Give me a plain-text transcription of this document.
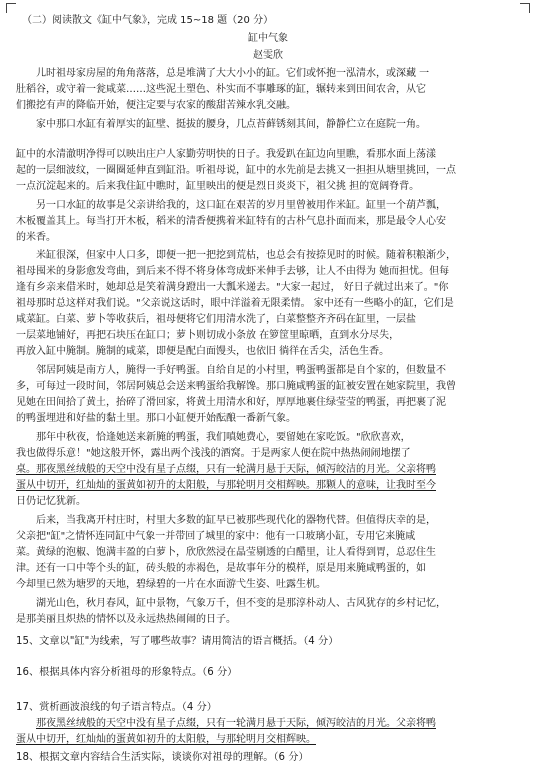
（二）阅读散文《缸中气象》，完成 15~18 题（20 分）
缸中气象
赵雯欣
儿时祖母家房屋的角角落落，总是堆满了大大小小的缸。它们或怀抱一泓清水，或深藏 一
肚稻谷，或守着一瓮咸菜……这些泥土塑色、朴实而不事雕琢的缸，辗转来到田间农舍，从它
们搬挖有声的降临开始，便注定要与农家的酸甜苦辣水乳交融。
家中那口水缸有着厚实的缸壁、挺拔的腰身，几点苔藓锈刻其间，静静伫立在庭院一角。
缸中的水清澈明净得可以映出庄户人家勤劳明快的日子。我爱趴在缸边向里瞧，看那水面上荡漾
起的一层细波纹，一圈圈延伸直到缸沿。听祖母说，缸中的水先前是去挑又一担担从塘里挑回，一点
一点沉淀起来的。后来我住缸中瞧时，缸里映出的便是烈日炎炎下，祖父挑 担的宽阔脊背。
另一口水缸的故事是父亲讲给我的，这口缸在艰苦的岁月里曾被用作米缸。缸里一个葫芦瓢，
木板覆盖其上。每当打开木板，稻米的清香便携着米缸特有的古朴气息扑面而来，那是最令人心安
的米香。
米缸很深，但家中人口多，即便一把一把挖到荒枯，也总会有按捺见时的时候。随着积粮渐少，
祖母囤米的身影愈发弯曲，到后来不得不将身体弯成虾米伸手去够，让人不由得为 她而担忧。但每
逢有乡亲来借米时，她却总是笑着满身蹬出一大瓢米递去。"大家一起过， 好日子就过出来了。"你
祖母那时总这样对我们说。"父亲说这话时，眼中洋溢着无限柔情。 家中还有一些略小的缸，它们是
咸菜缸。白菜、萝卜等收获后，祖母便将它们用清水洗了，白菜整整齐齐码在缸里，一层盐
一层菜地铺好，再把石块压在缸口；萝卜则切成小条放 在箩筐里晾晒，直到水分尽失，
再放入缸中腌制。腌制的咸菜，即便是配白面馒头，也依旧 徜徉在舌尖，活色生香。
邻居阿姨是南方人，腌得一手好鸭蛋。自给自足的小村里，鸭蛋鸭蛋都是自个家的，但数量不
多，可每过一段时间，邻居阿姨总会送来鸭蛋给我解馋。那口腌咸鸭蛋的缸被安置在她家院里，我曾
见她在田间拾了黄土，抬碎了滑回家，将黄土用清水和好，厚厚地裹住绿莹莹的鸭蛋，再把裹了泥
的鸭蛋埋进和好盐的黏土里。那口小缸便开始酝酿一番新气象。
那年中秋夜，恰逢她送来新腌的鸭蛋，我们嗔她费心，要留她在家吃饭。"欣欣喜欢，
我也做得乐意！"她这般开怀，露出两个浅浅的酒窝。于是两家人便在院中热热闹闹地摆了
桌。那夜黑丝绒般的天空中没有星子点缀，只有一轮满月悬于天际，倾泻皎洁的月光。父亲将鸭
蛋从中切开，红灿灿的蛋黄如初升的太阳般，与那轮明月交相辉映。那颗人的意味，让我时至今
日仍记忆犹新。
后来，当我离开村庄时，村里大多数的缸早已被那些现代化的器物代替。但值得庆幸的是，
父亲把"缸"之情怀连同缸中气象一并带回了城里的家中：他有一口玻璃小缸，专用它来腌咸
菜。黄绿的泡椒、饱满丰盈的白萝卜，欣欣然浸在晶莹剔透的白醋里，让人看得到胃，总忍住生
津。还有一口中等个头的缸，砖头般的赤褐色，是故事年分的模样，原是用来腌咸鸭蛋的，如
今却里已然为塘罗的天地，碧绿碧的一片在水面游弋生姿、吐露生机。
湖光山色，秋月春风，缸中景物，气象万千，但不变的是那淳朴动人、古风犹存的乡村记忆，
是那美丽且炽热的情怀以及永远热热闹闹的日子。
15、文章以"缸"为线索，写了哪些故事？请用简洁的语言概括。（4 分）
16、根据具体内容分析祖母的形象特点。（6 分）
17、赏析画波浪线的句子语言特点。（4 分）
那夜黑丝绒般的天空中没有星子点缀，只有一轮满月悬于天际，倾泻皎洁的月光。父亲将鸭
蛋从中切开，红灿灿的蛋黄如初升的太阳般，与那轮明月交相辉映。
18、根据文章内容结合生活实际，谈谈你对祖母的理解。（6 分）
